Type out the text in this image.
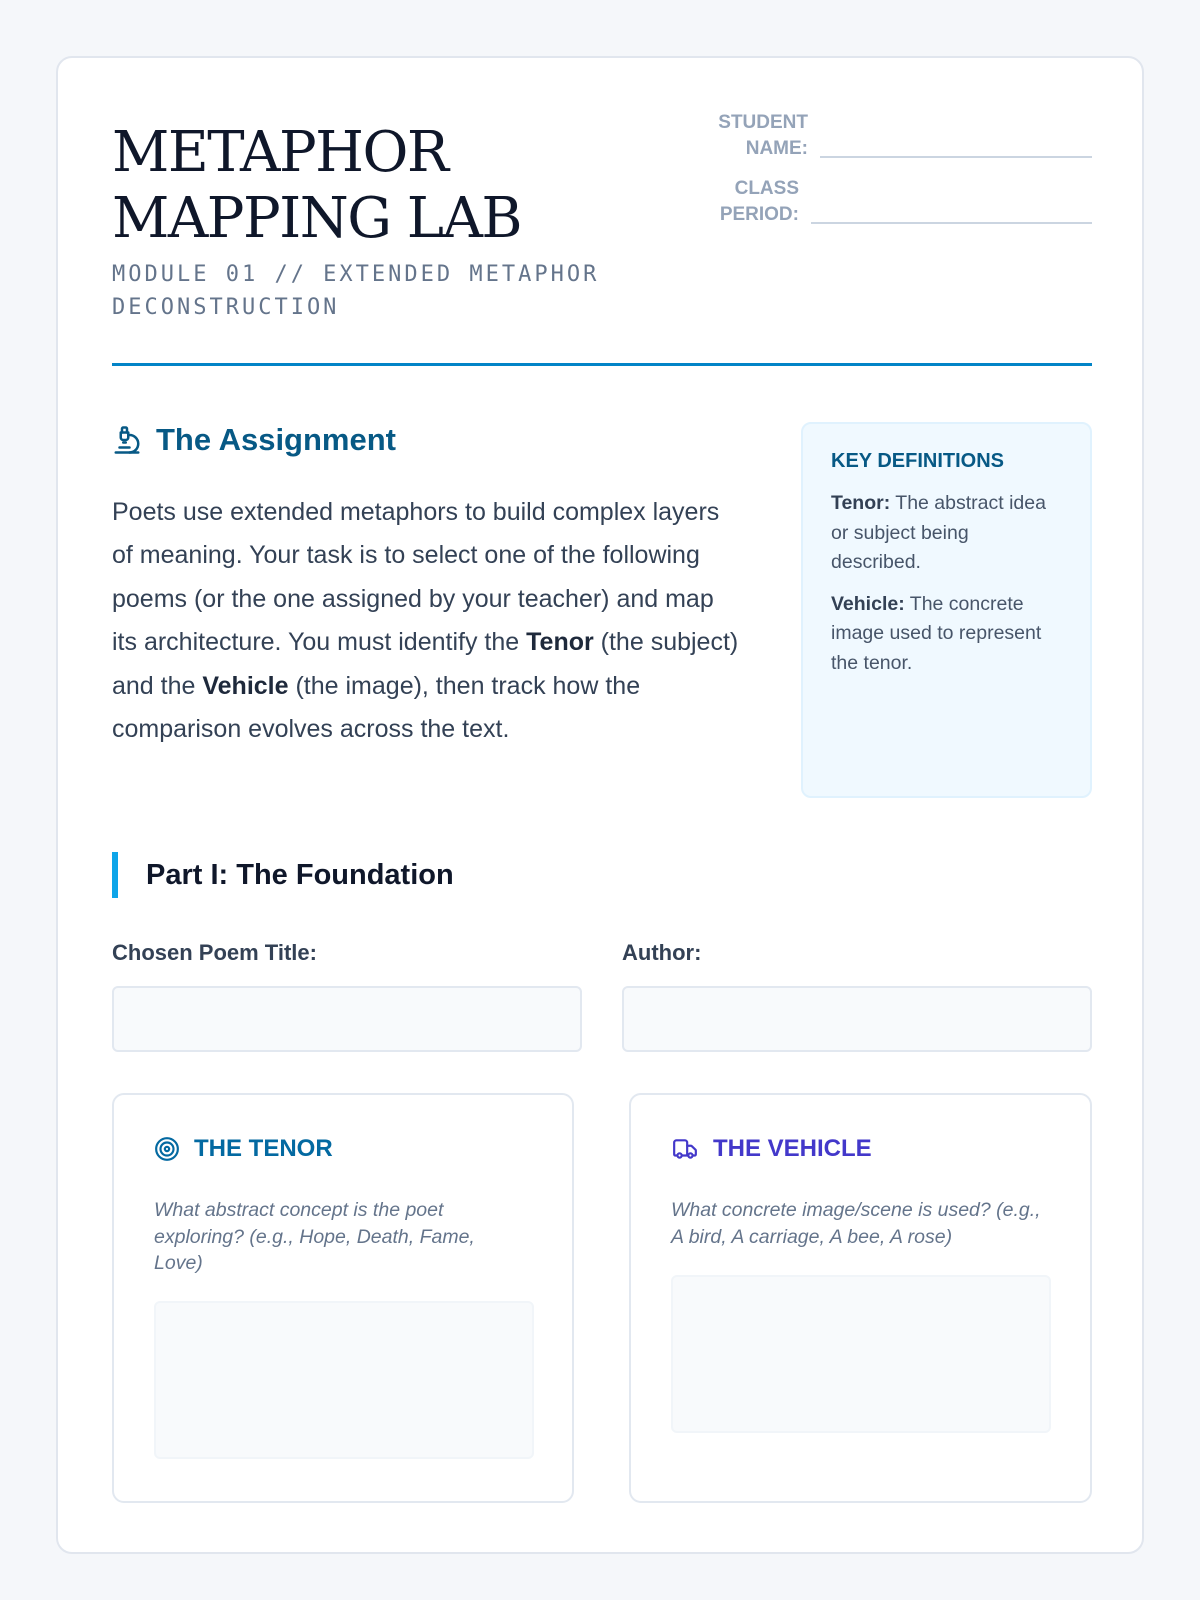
METAPHOR
MAPPING LAB

MODULE 01 // EXTENDED METAPHOR DECONSTRUCTION

STUDENT
NAME:
CLASS
PERIOD:
The Assignment

Poets use extended metaphors to build complex layers of meaning. Your task is to select one of the following poems (or the one assigned by your teacher) and map its architecture. You must identify the Tenor (the subject) and the Vehicle (the image), then track how the comparison evolves across the text.

KEY DEFINITIONS

Tenor: The abstract idea or subject being described.

Vehicle: The concrete image used to represent the tenor.

Part I: The Foundation
Chosen Poem Title:	Author:
THE TENOR

What abstract concept is the poet exploring? (e.g., Hope, Death, Fame, Love)

THE VEHICLE

What concrete image/scene is used? (e.g., A bird, A carriage, A bee, A rose)
